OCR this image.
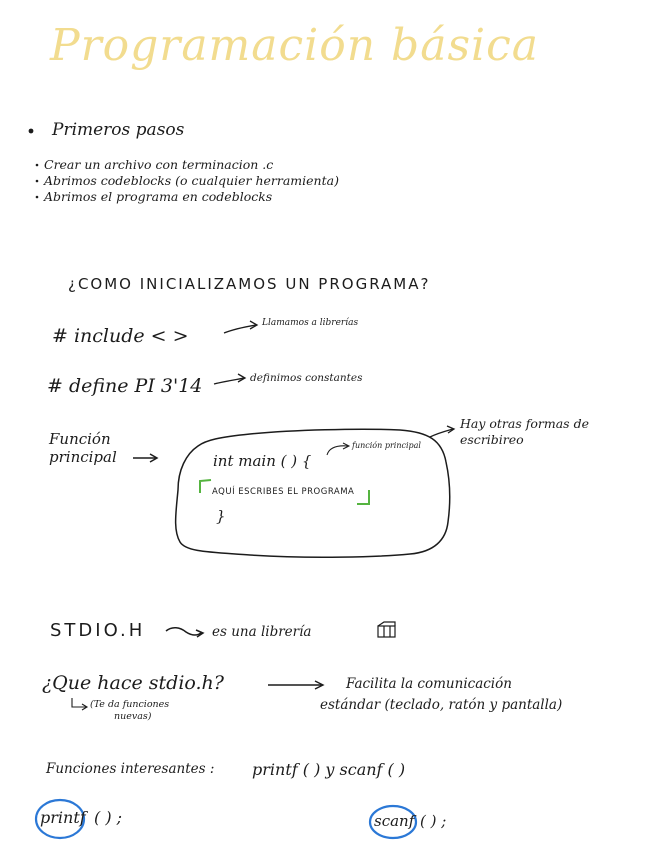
Programación básica
Primeros pasos
Crear un archivo con terminacion .c
Abrimos codeblocks (o cualquier herramienta)
Abrimos el programa en codeblocks
¿COMO INICIALIZAMOS UN PROGRAMA?
# include < >
Llamamos a librerías
# define PI 3'14	definimos constantes
Hay otras formas de escribireo
Función
principal	int main ( ) {
función principal
AQUÍ ESCRIBES EL PROGRAMA
}
STDIO.H	es una librería
¿Que hace stdio.h?	Facilita la comunicación
estándar (teclado, ratón y pantalla)
(Te da funciones
nuevas)
Funciones interesantes : printf ( ) y scanf ( )
printf ( ) ;	scanf ( ) ;
